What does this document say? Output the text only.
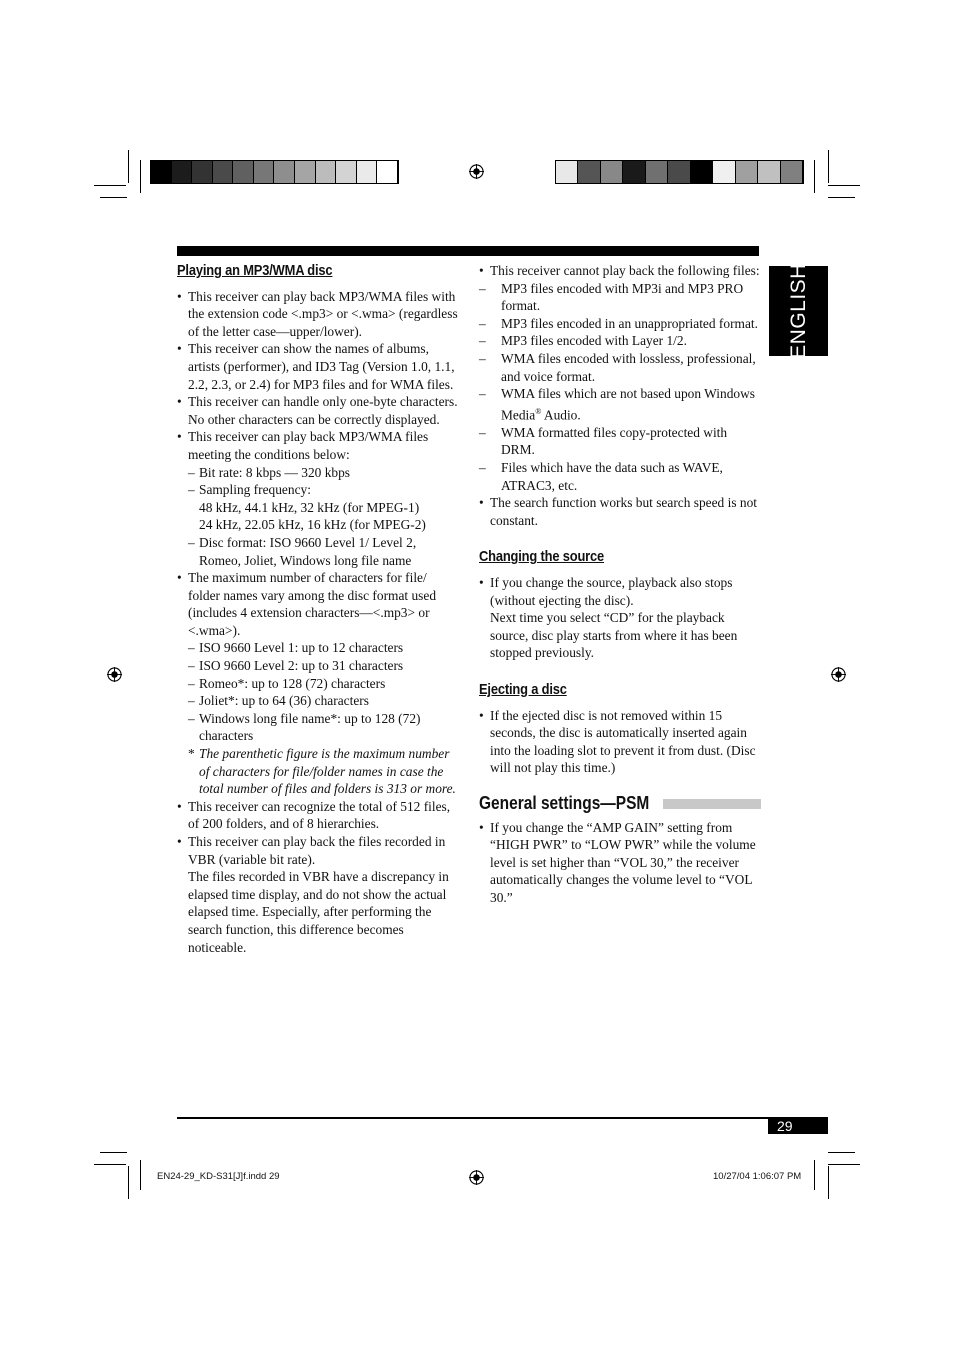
ENGLISH
Playing an MP3/WMA disc
• This receiver can play back MP3/WMA files with the extension code <.mp3> or <.wma> (regardless of the letter case—upper/lower).
• This receiver can show the names of albums, artists (performer), and ID3 Tag (Version 1.0, 1.1, 2.2, 2.3, or 2.4) for MP3 files and for WMA files.
• This receiver can handle only one-byte characters. No other characters can be correctly displayed.
• This receiver can play back MP3/WMA files meeting the conditions below:
– Bit rate: 8 kbps — 320 kbps
– Sampling frequency:
48 kHz, 44.1 kHz, 32 kHz (for MPEG-1)
24 kHz, 22.05 kHz, 16 kHz (for MPEG-2)
– Disc format: ISO 9660 Level 1/ Level 2, Romeo, Joliet, Windows long file name
• The maximum number of characters for file/ folder names vary among the disc format used (includes 4 extension characters—<.mp3> or <.wma>).
– ISO 9660 Level 1: up to 12 characters
– ISO 9660 Level 2: up to 31 characters
– Romeo*: up to 128 (72) characters
– Joliet*: up to 64 (36) characters
– Windows long file name*: up to 128 (72) characters
* The parenthetic figure is the maximum number of characters for file/folder names in case the total number of files and folders is 313 or more.
• This receiver can recognize the total of 512 files, of 200 folders, and of 8 hierarchies.
• This receiver can play back the files recorded in VBR (variable bit rate).
The files recorded in VBR have a discrepancy in elapsed time display, and do not show the actual elapsed time. Especially, after performing the search function, this difference becomes noticeable.
• This receiver cannot play back the following files:
– MP3 files encoded with MP3i and MP3 PRO format.
– MP3 files encoded in an unappropriated format.
– MP3 files encoded with Layer 1/2.
– WMA files encoded with lossless, professional, and voice format.
– WMA files which are not based upon Windows Media® Audio.
– WMA formatted files copy-protected with DRM.
– Files which have the data such as WAVE, ATRAC3, etc.
• The search function works but search speed is not constant.
Changing the source
• If you change the source, playback also stops (without ejecting the disc).
Next time you select “CD” for the playback source, disc play starts from where it has been stopped previously.
Ejecting a disc
• If the ejected disc is not removed within 15 seconds, the disc is automatically inserted again into the loading slot to prevent it from dust. (Disc will not play this time.)
General settings—PSM
• If you change the “AMP GAIN” setting from “HIGH PWR” to “LOW PWR” while the volume level is set higher than “VOL 30,” the receiver automatically changes the volume level to “VOL 30.”
29
EN24-29_KD-S31[J]f.indd 29	10/27/04 1:06:07 PM
